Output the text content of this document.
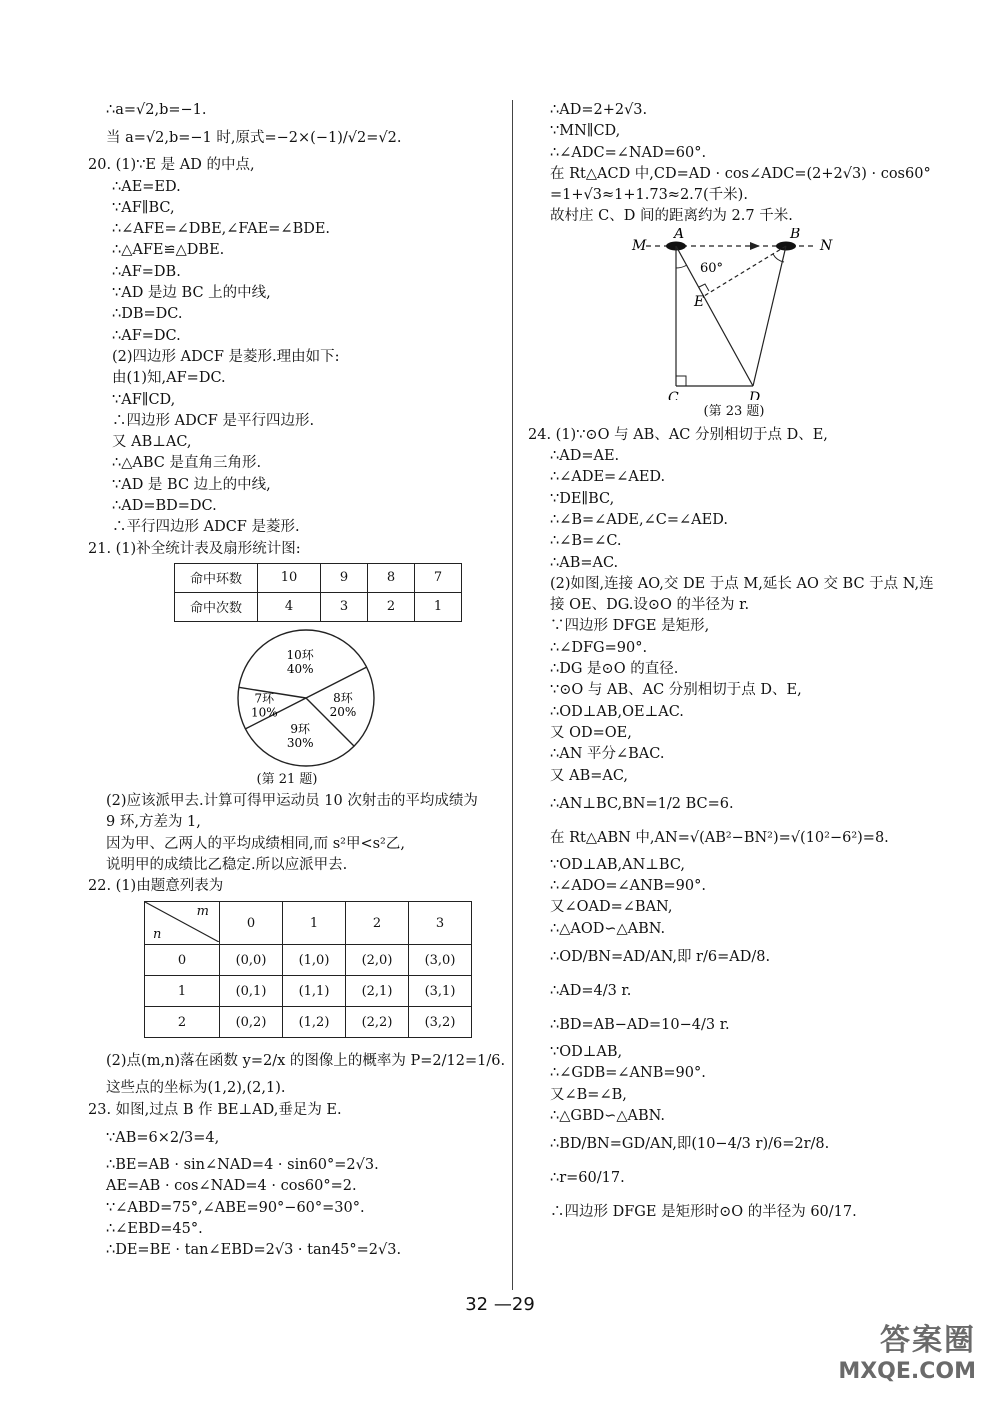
∴a=√2,b=−1.
当 a=√2,b=−1 时,原式=−2×(−1)/√2=√2.
20. (1)∵E 是 AD 的中点,
∴AE=ED.
∵AF∥BC,
∴∠AFE=∠DBE,∠FAE=∠BDE.
∴△AFE≌△DBE.
∴AF=DB.
∵AD 是边 BC 上的中线,
∴DB=DC.
∴AF=DC.
(2)四边形 ADCF 是菱形.理由如下:
由(1)知,AF=DC.
∵AF∥CD,
∴四边形 ADCF 是平行四边形.
又 AB⊥AC,
∴△ABC 是直角三角形.
∵AD 是 BC 边上的中线,
∴AD=BD=DC.
∴平行四边形 ADCF 是菱形.
21. (1)补全统计表及扇形统计图:
命中环数	10	9	8	7
命中次数	4	3	2	1
10环
40%
8环
20%
9环
30%
7环
10%
(第 21 题)
(2)应该派甲去.计算可得甲运动员 10 次射击的平均成绩为
9 环,方差为 1,
因为甲、乙两人的平均成绩相同,而 s²甲<s²乙,
说明甲的成绩比乙稳定.所以应派甲去.
22. (1)由题意列表为
m
n	0	1	2	3
0	(0,0)	(1,0)	(2,0)	(3,0)
1	(0,1)	(1,1)	(2,1)	(3,1)
2	(0,2)	(1,2)	(2,2)	(3,2)
(2)点(m,n)落在函数 y=2/x 的图像上的概率为 P=2/12=1/6.
这些点的坐标为(1,2),(2,1).
23. 如图,过点 B 作 BE⊥AD,垂足为 E.
∵AB=6×2/3=4,
∴BE=AB · sin∠NAD=4 · sin60°=2√3.
AE=AB · cos∠NAD=4 · cos60°=2.
∵∠ABD=75°,∠ABE=90°−60°=30°.
∴∠EBD=45°.
∴DE=BE · tan∠EBD=2√3 · tan45°=2√3.
∴AD=2+2√3.
∵MN∥CD,
∴∠ADC=∠NAD=60°.
在 Rt△ACD 中,CD=AD · cos∠ADC=(2+2√3) · cos60°
=1+√3≈1+1.73≈2.7(千米).
故村庄 C、D 间的距离约为 2.7 千米.
M
A	B
N
60°
E
C	D
(第 23 题)
24. (1)∵⊙O 与 AB、AC 分别相切于点 D、E,
∴AD=AE.
∴∠ADE=∠AED.
∵DE∥BC,
∴∠B=∠ADE,∠C=∠AED.
∴∠B=∠C.
∴AB=AC.
(2)如图,连接 AO,交 DE 于点 M,延长 AO 交 BC 于点 N,连
接 OE、DG.设⊙O 的半径为 r.
∵四边形 DFGE 是矩形,
∴∠DFG=90°.
∴DG 是⊙O 的直径.
∵⊙O 与 AB、AC 分别相切于点 D、E,
∴OD⊥AB,OE⊥AC.
又 OD=OE,
∴AN 平分∠BAC.
又 AB=AC,
∴AN⊥BC,BN=1/2 BC=6.
在 Rt△ABN 中,AN=√(AB²−BN²)=√(10²−6²)=8.
∵OD⊥AB,AN⊥BC,
∴∠ADO=∠ANB=90°.
又∠OAD=∠BAN,
∴△AOD∽△ABN.
∴OD/BN=AD/AN,即 r/6=AD/8.
∴AD=4/3 r.
∴BD=AB−AD=10−4/3 r.
∵OD⊥AB,
∴∠GDB=∠ANB=90°.
又∠B=∠B,
∴△GBD∽△ABN.
∴BD/BN=GD/AN,即(10−4/3 r)/6=2r/8.
∴r=60/17.
∴四边形 DFGE 是矩形时⊙O 的半径为 60/17.
32 —29
答案圈
MXQE.COM
